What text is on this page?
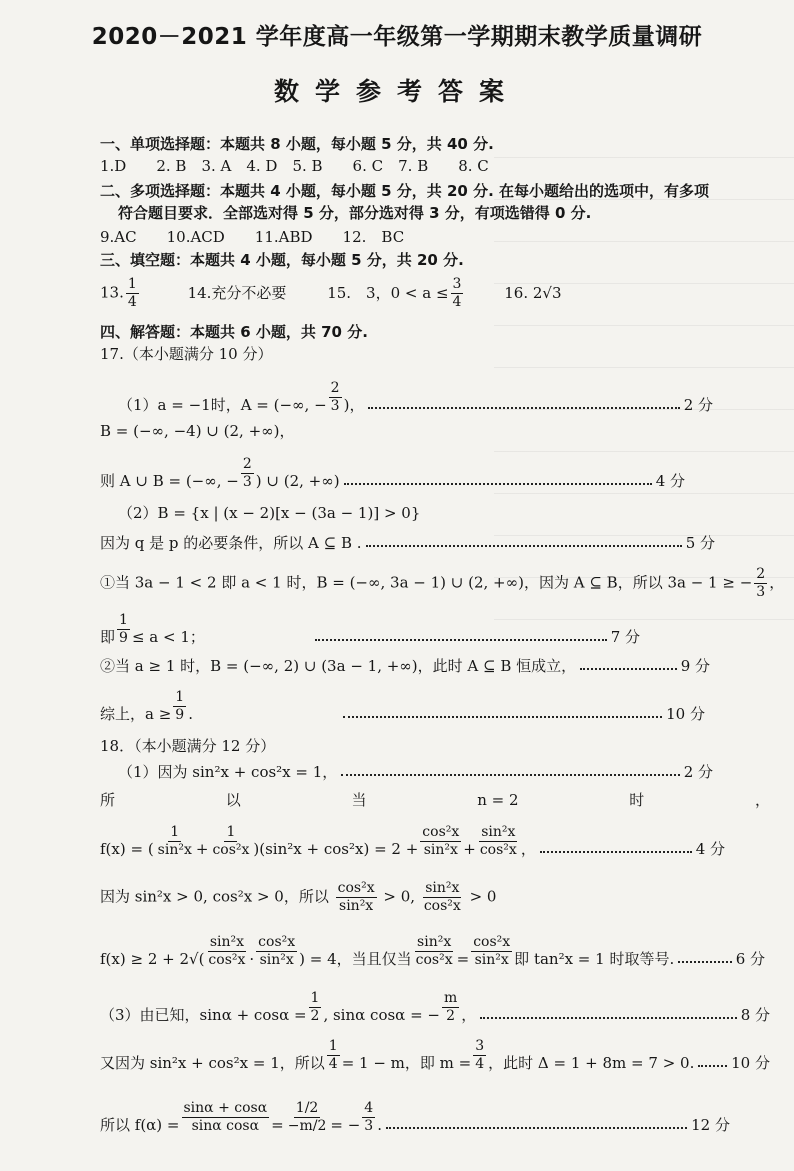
2020－2021 学年度高一年级第一学期期末教学质量调研
数学参考答案
一、单项选择题：本题共 8 小题，每小题 5 分，共 40 分.
1.D　　2. B　3. A　4. D　5. B　　6. C　7. B　　8. C
二、多项选择题：本题共 4 小题，每小题 5 分，共 20 分. 在每小题给出的选项中，有多项
符合题目要求．全部选对得 5 分，部分选对得 3 分，有项选错得 0 分.
9.AC　　10.ACD　　11.ABD　　12.　BC
三、填空题：本题共 4 小题，每小题 5 分，共 20 分.
13. $\frac{1}{4}$	14.充分不必要	15.　3，$0 < a \le \frac{3}{4}$	16. 2√3
四、解答题：本题共 6 小题，共 70 分.
17.（本小题满分 10 分）
（1）a = −1时，A = (−∞, − $\frac{2}{3}$ )，	2 分
B = (−∞, −4) ∪ (2, +∞)，
则 A ∪ B = (−∞, − $\frac{2}{3}$ ) ∪ (2, +∞)	4 分
（2）B = {x | (x − 2)[x − (3a − 1)] > 0}
因为 q 是 p 的必要条件，所以 A ⊆ B .	5 分
①当 3a − 1 < 2 即 a < 1 时，B = (−∞, 3a − 1) ∪ (2, +∞)，因为 A ⊆ B，所以 3a − 1 ≥ − $\frac{2}{3}$ ，
即 $\frac{1}{9} \le a < 1$；	7 分
②当 a ≥ 1 时，B = (−∞, 2) ∪ (3a − 1, +∞)，此时 A ⊆ B 恒成立，	9 分
综上，$a \ge \frac{1}{9}$ .	10 分
18．（本小题满分 12 分）
（1）因为 sin²x + cos²x = 1，	2 分
所	以	当	n = 2	时	，
f(x) = ( $\frac{1}{\text{sin²x}} + \frac{1}{\text{cos²x}} )(\sin^2x + \cos^2x) = 2 + \frac{\text{cos²x}}{\text{sin²x}} + \frac{\text{sin²x}}{\text{cos²x}}$ ，	4 分
因为 sin²x > 0, cos²x > 0，所以 $\frac{\text{cos²x}}{\text{sin²x}} > 0$, $\frac{\text{sin²x}}{\text{cos²x}} > 0$
$f(x) \ge 2 + 2√( \frac{\text{sin²x}}{\text{cos²x}} \cdot \frac{\text{cos²x}}{\text{sin²x}}$ ) = 4，当且仅当 $\frac{\text{sin²x}}{\text{cos²x}} = \frac{\text{cos²x}}{\text{sin²x}}$ 即 tan²x = 1 时取等号.	6 分
（3）由已知，$\sin\alpha + \cos\alpha = \frac{1}{2}$ , sinα cosα = − $\frac{m}{2}$ ，	8 分
又因为 sin²x + cos²x = 1，所以 $\frac{1}{4} = 1 - m$，即 $m = \frac{3}{4}$ ，此时 Δ = 1 + 8m = 7 > 0. 10 分
所以 $f(\alpha) = \frac{\sin\alpha + \cos\alpha}{\text{sinα cosα}} = \frac{1/2}{-m/2}$ = − $\frac{4}{3}$ .	12 分
